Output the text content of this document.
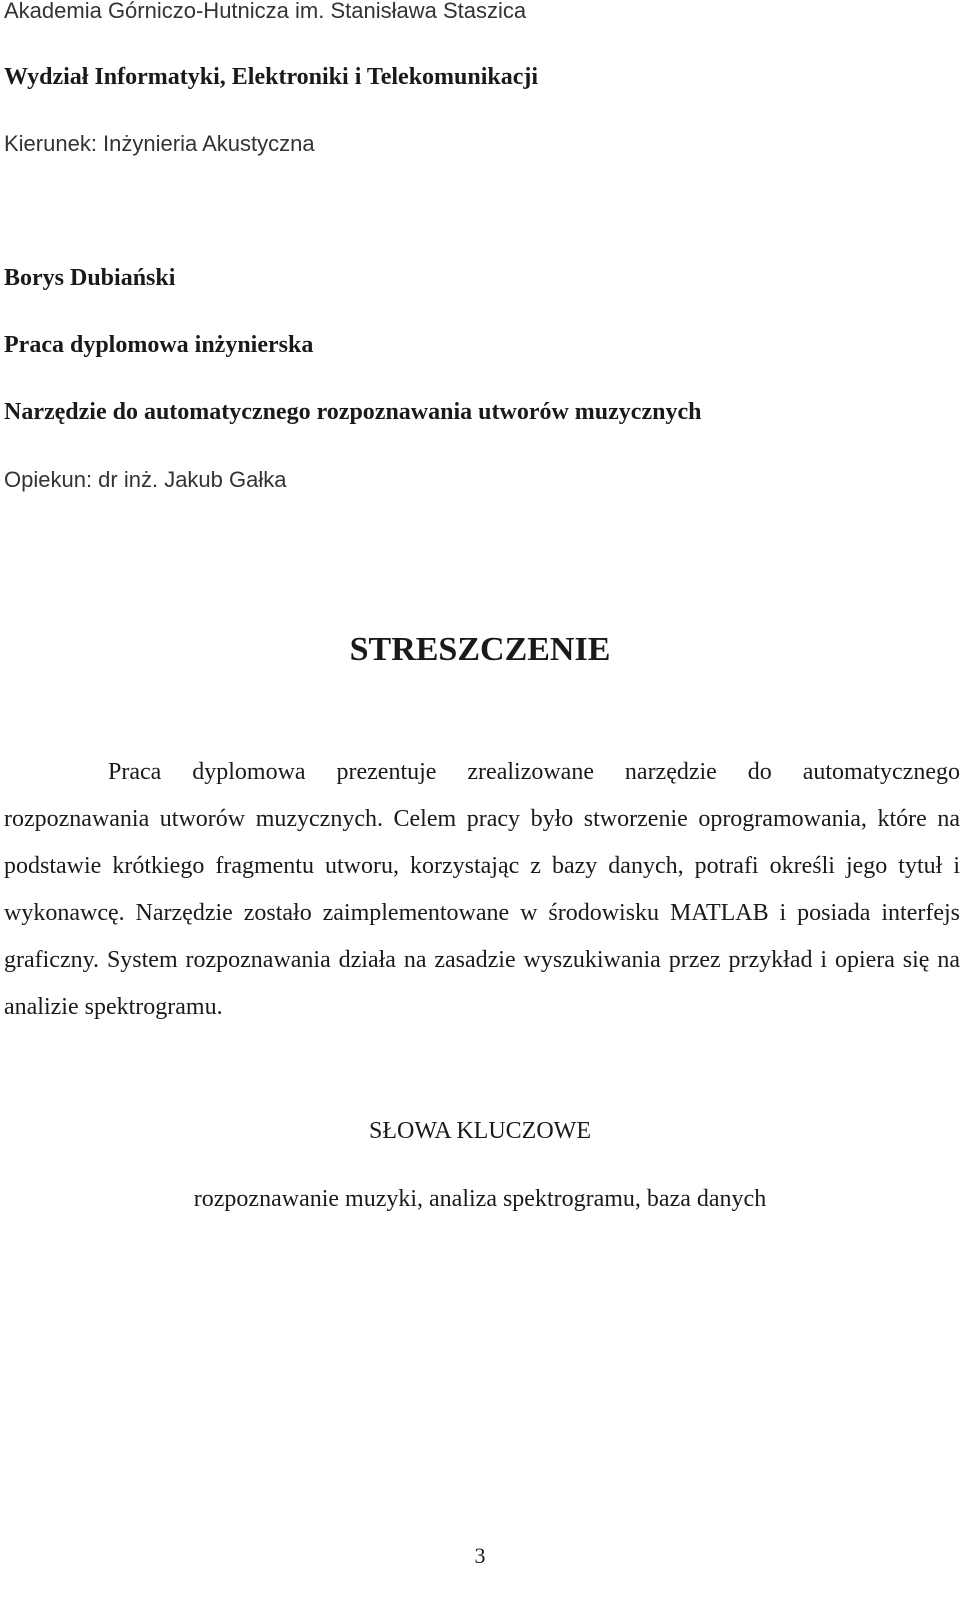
Akademia Górniczo-Hutnicza im. Stanisława Staszica
Wydział Informatyki, Elektroniki i Telekomunikacji
Kierunek: Inżynieria Akustyczna
Borys Dubiański
Praca dyplomowa inżynierska
Narzędzie do automatycznego rozpoznawania utworów muzycznych
Opiekun: dr inż. Jakub Gałka
STRESZCZENIE

Praca dyplomowa prezentuje zrealizowane narzędzie do automatycznego rozpoznawania utworów muzycznych. Celem pracy było stworzenie oprogramowania, które na podstawie krótkiego fragmentu utworu, korzystając z bazy danych, potrafi określi jego tytuł i wykonawcę. Narzędzie zostało zaimplementowane w środowisku MATLAB i posiada interfejs graficzny. System rozpoznawania działa na zasadzie wyszukiwania przez przykład i opiera się na analizie spektrogramu.

SŁOWA KLUCZOWE
rozpoznawanie muzyki, analiza spektrogramu, baza danych
3
